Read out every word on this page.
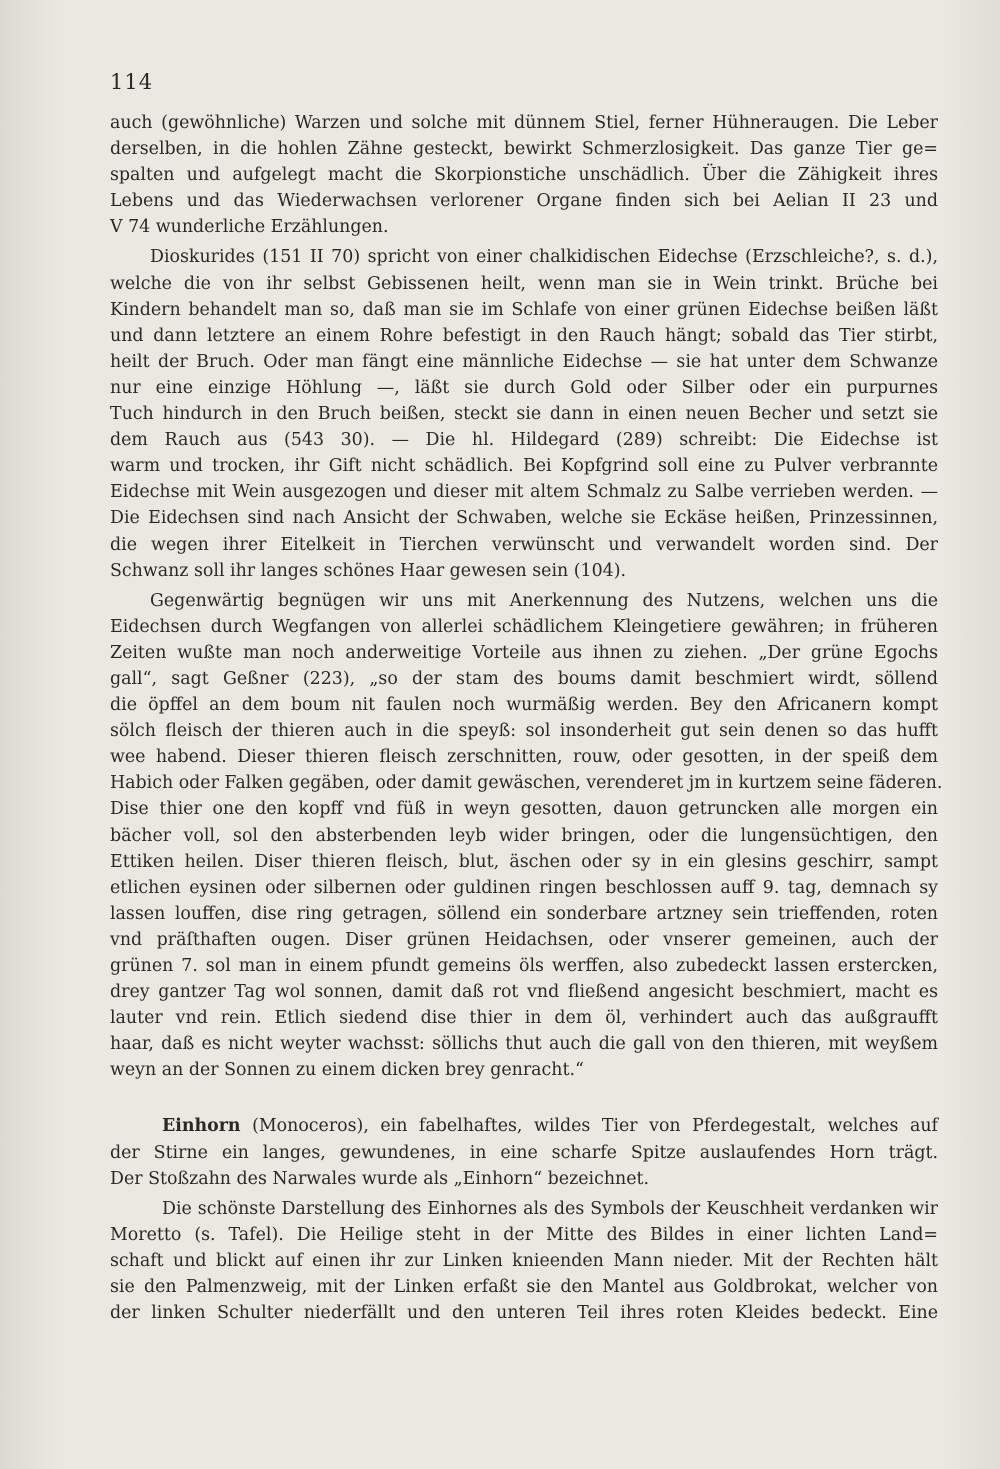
114
auch (gewöhnliche) Warzen und solche mit dünnem Stiel, ferner Hühneraugen. Die Leber
derselben, in die hohlen Zähne gesteckt, bewirkt Schmerzlosigkeit. Das ganze Tier ge=
spalten und aufgelegt macht die Skorpionstiche unschädlich. Über die Zähigkeit ihres
Lebens und das Wiederwachsen verlorener Organe finden sich bei Aelian II 23 und
V 74 wunderliche Erzählungen.
Dioskurides (151 II 70) spricht von einer chalkidischen Eidechse (Erzschleiche?, s. d.),
welche die von ihr selbst Gebissenen heilt, wenn man sie in Wein trinkt. Brüche bei
Kindern behandelt man so, daß man sie im Schlafe von einer grünen Eidechse beißen läßt
und dann letztere an einem Rohre befestigt in den Rauch hängt; sobald das Tier stirbt,
heilt der Bruch. Oder man fängt eine männliche Eidechse — sie hat unter dem Schwanze
nur eine einzige Höhlung —, läßt sie durch Gold oder Silber oder ein purpurnes
Tuch hindurch in den Bruch beißen, steckt sie dann in einen neuen Becher und setzt sie
dem Rauch aus (543 30). — Die hl. Hildegard (289) schreibt: Die Eidechse ist
warm und trocken, ihr Gift nicht schädlich. Bei Kopfgrind soll eine zu Pulver verbrannte
Eidechse mit Wein ausgezogen und dieser mit altem Schmalz zu Salbe verrieben werden. —
Die Eidechsen sind nach Ansicht der Schwaben, welche sie Eckäse heißen, Prinzessinnen,
die wegen ihrer Eitelkeit in Tierchen verwünscht und verwandelt worden sind. Der
Schwanz soll ihr langes schönes Haar gewesen sein (104).
Gegenwärtig begnügen wir uns mit Anerkennung des Nutzens, welchen uns die
Eidechsen durch Wegfangen von allerlei schädlichem Kleingetiere gewähren; in früheren
Zeiten wußte man noch anderweitige Vorteile aus ihnen zu ziehen. „Der grüne Egochs
gall“, sagt Geßner (223), „so der stam des boums damit beschmiert wirdt, söllend
die öpffel an dem boum nit faulen noch wurmäßig werden. Bey den Africanern kompt
sölch fleisch der thieren auch in die speyß: sol insonderheit gut sein denen so das hufft
wee habend. Dieser thieren fleisch zerschnitten, rouw, oder gesotten, in der speiß dem
Habich oder Falken gegäben, oder damit gewäschen, verenderet jm in kurtzem seine fäderen.
Dise thier one den kopff vnd füß in weyn gesotten, dauon getruncken alle morgen ein
bächer voll, sol den absterbenden leyb wider bringen, oder die lungensüchtigen, den
Ettiken heilen. Diser thieren fleisch, blut, äschen oder sy in ein glesins geschirr, sampt
etlichen eysinen oder silbernen oder guldinen ringen beschlossen auff 9. tag, demnach sy
lassen louffen, dise ring getragen, söllend ein sonderbare artzney sein trieffenden, roten
vnd präſthaften ougen. Diser grünen Heidachsen, oder vnserer gemeinen, auch der
grünen 7. sol man in einem pfundt gemeins öls werffen, also zubedeckt lassen erstercken,
drey gantzer Tag wol sonnen, damit daß rot vnd fließend angesicht beschmiert, macht es
lauter vnd rein. Etlich siedend dise thier in dem öl, verhindert auch das außgraufft
haar, daß es nicht weyter wachsst: söllichs thut auch die gall von den thieren, mit weyßem
weyn an der Sonnen zu einem dicken brey genracht.“
Einhorn (Monoceros), ein fabelhaftes, wildes Tier von Pferdegestalt, welches auf
der Stirne ein langes, gewundenes, in eine scharfe Spitze auslaufendes Horn trägt.
Der Stoßzahn des Narwales wurde als „Einhorn“ bezeichnet.
Die schönste Darstellung des Einhornes als des Symbols der Keuschheit verdanken wir
Moretto (s. Tafel). Die Heilige steht in der Mitte des Bildes in einer lichten Land=
schaft und blickt auf einen ihr zur Linken knieenden Mann nieder. Mit der Rechten hält
sie den Palmenzweig, mit der Linken erfaßt sie den Mantel aus Goldbrokat, welcher von
der linken Schulter niederfällt und den unteren Teil ihres roten Kleides bedeckt. Eine
